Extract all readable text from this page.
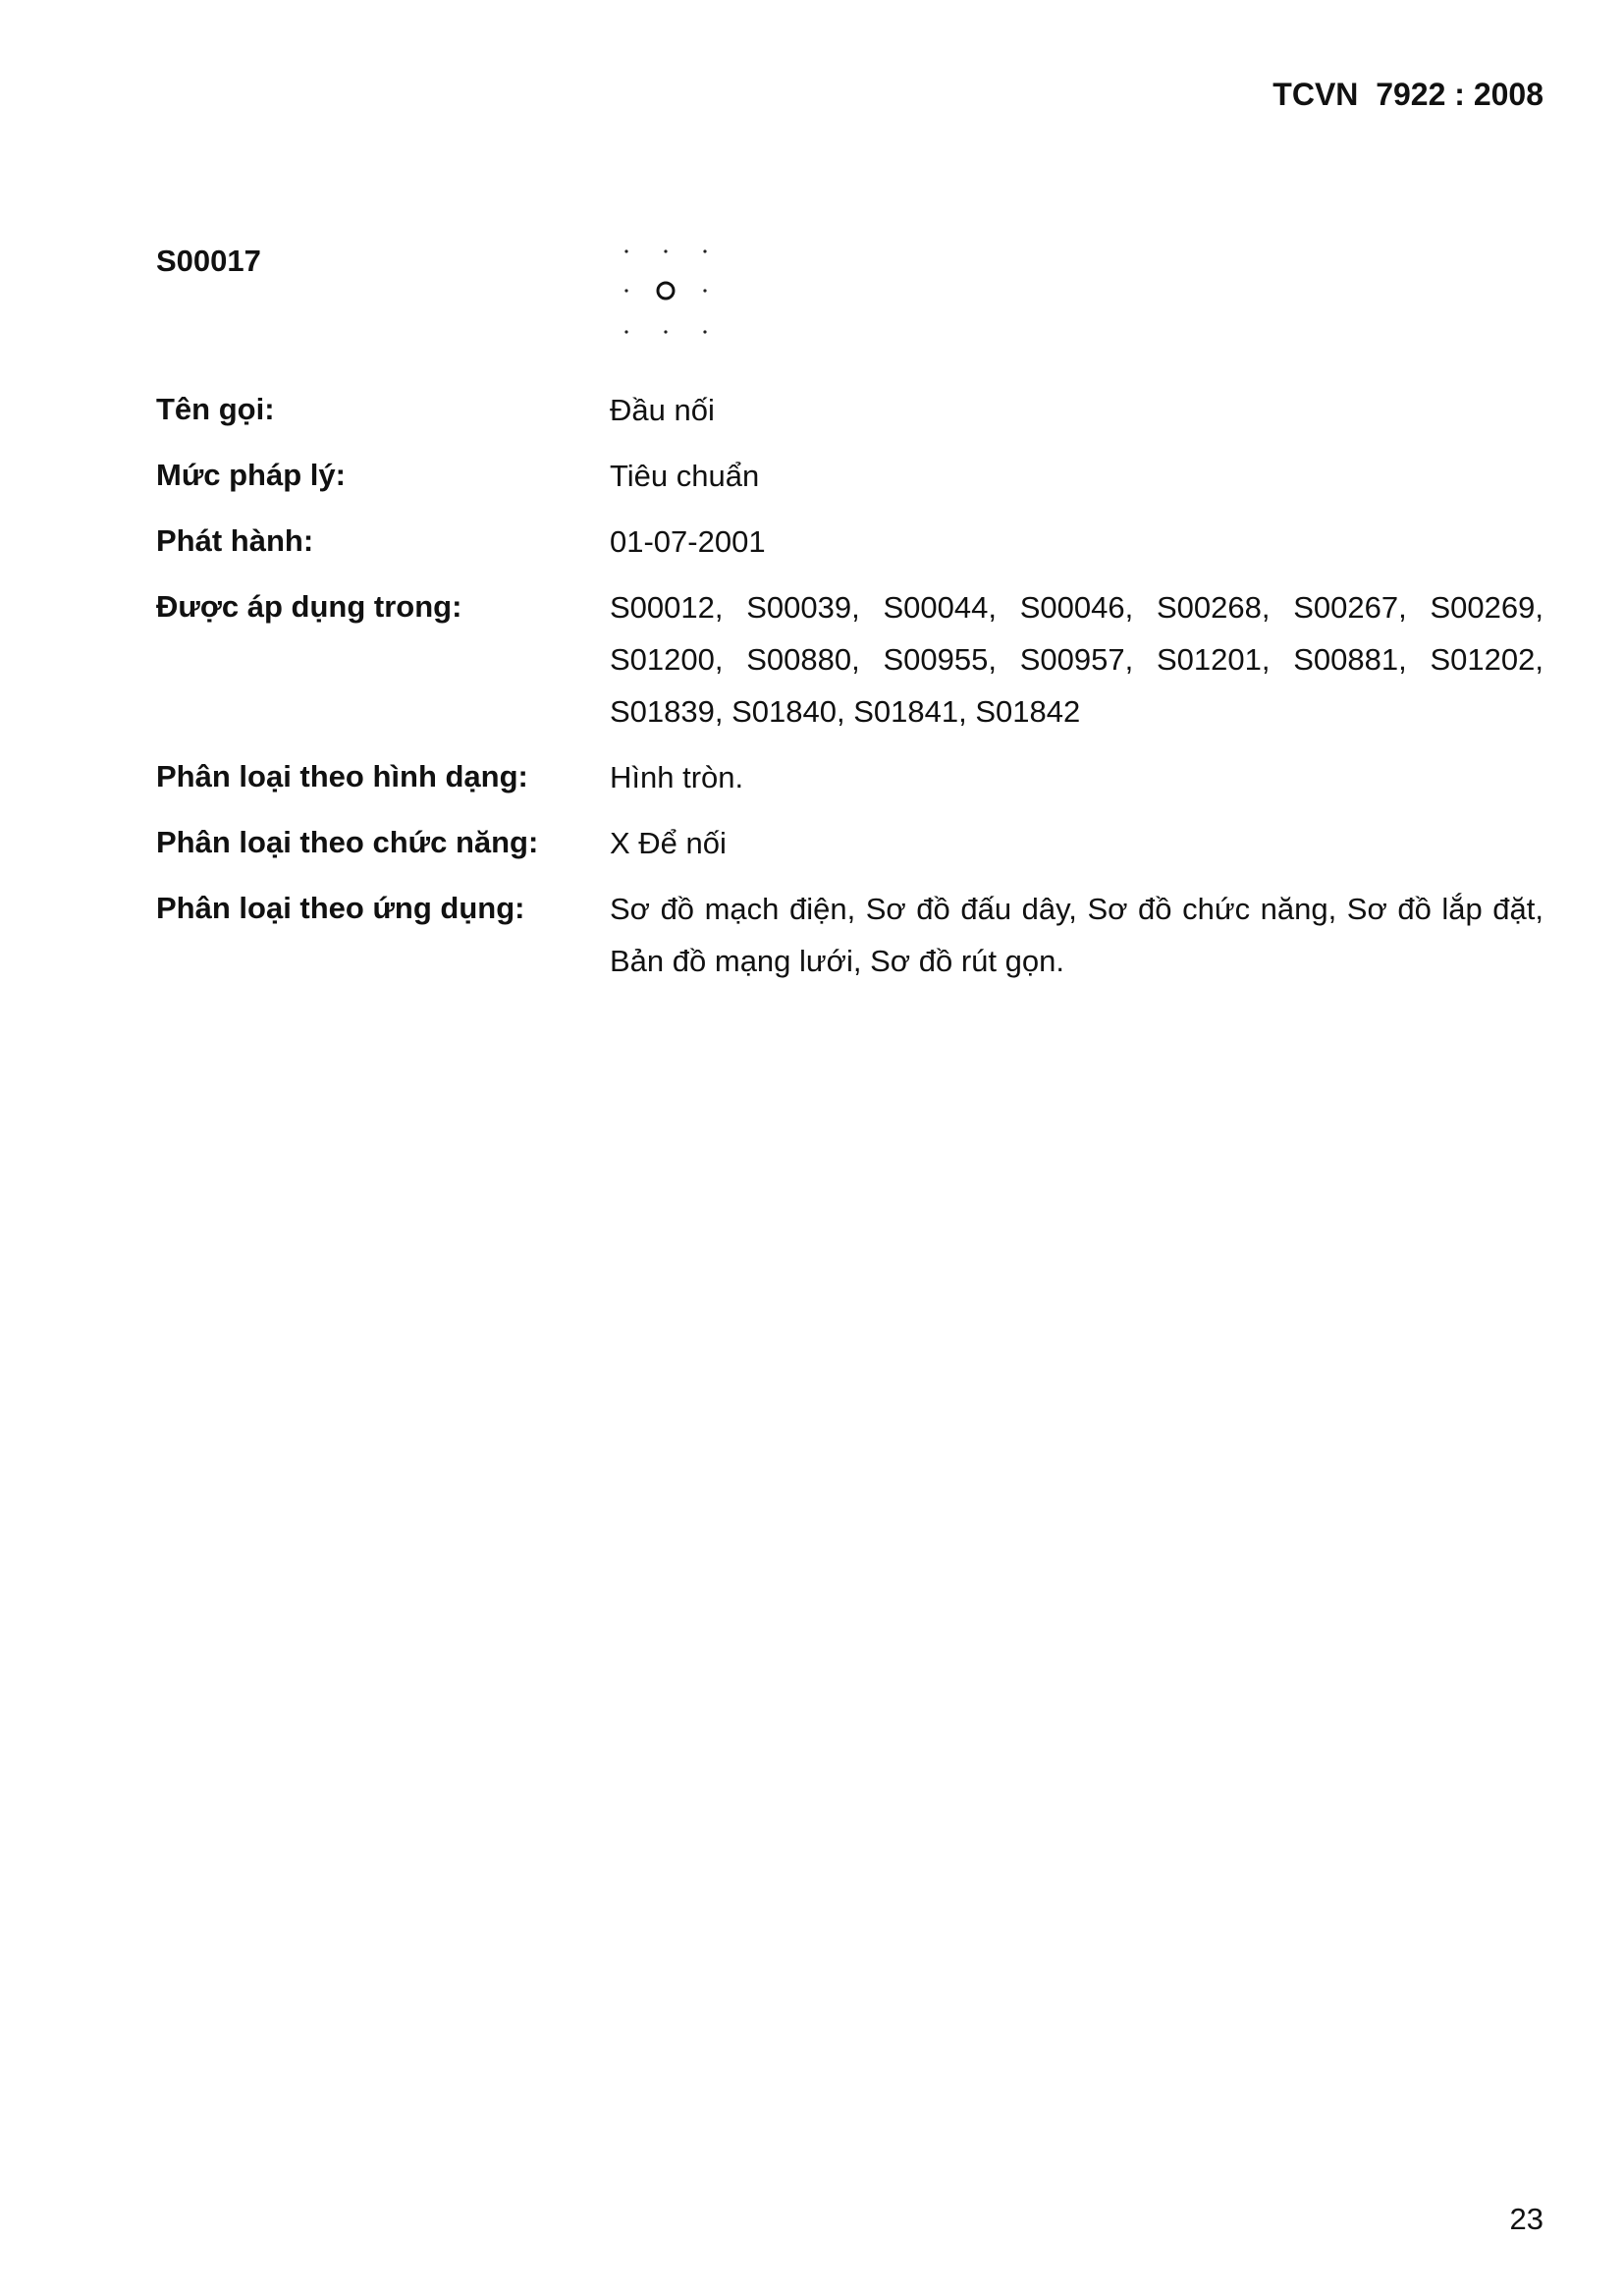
TCVN  7922 : 2008
S00017
Tên gọi:	Đầu nối
Mức pháp lý:	Tiêu chuẩn
Phát hành:	01-07-2001
Được áp dụng trong:	S00012, S00039, S00044, S00046, S00268, S00267, S00269, S01200, S00880, S00955, S00957, S01201, S00881, S01202, S01839, S01840, S01841, S01842
Phân loại theo hình dạng:	Hình tròn.
Phân loại theo chức năng:	X Để nối
Phân loại theo ứng dụng:	Sơ đồ mạch điện, Sơ đồ đấu dây, Sơ đồ chức năng, Sơ đồ lắp đặt, Bản đồ mạng lưới, Sơ đồ rút gọn.
23
